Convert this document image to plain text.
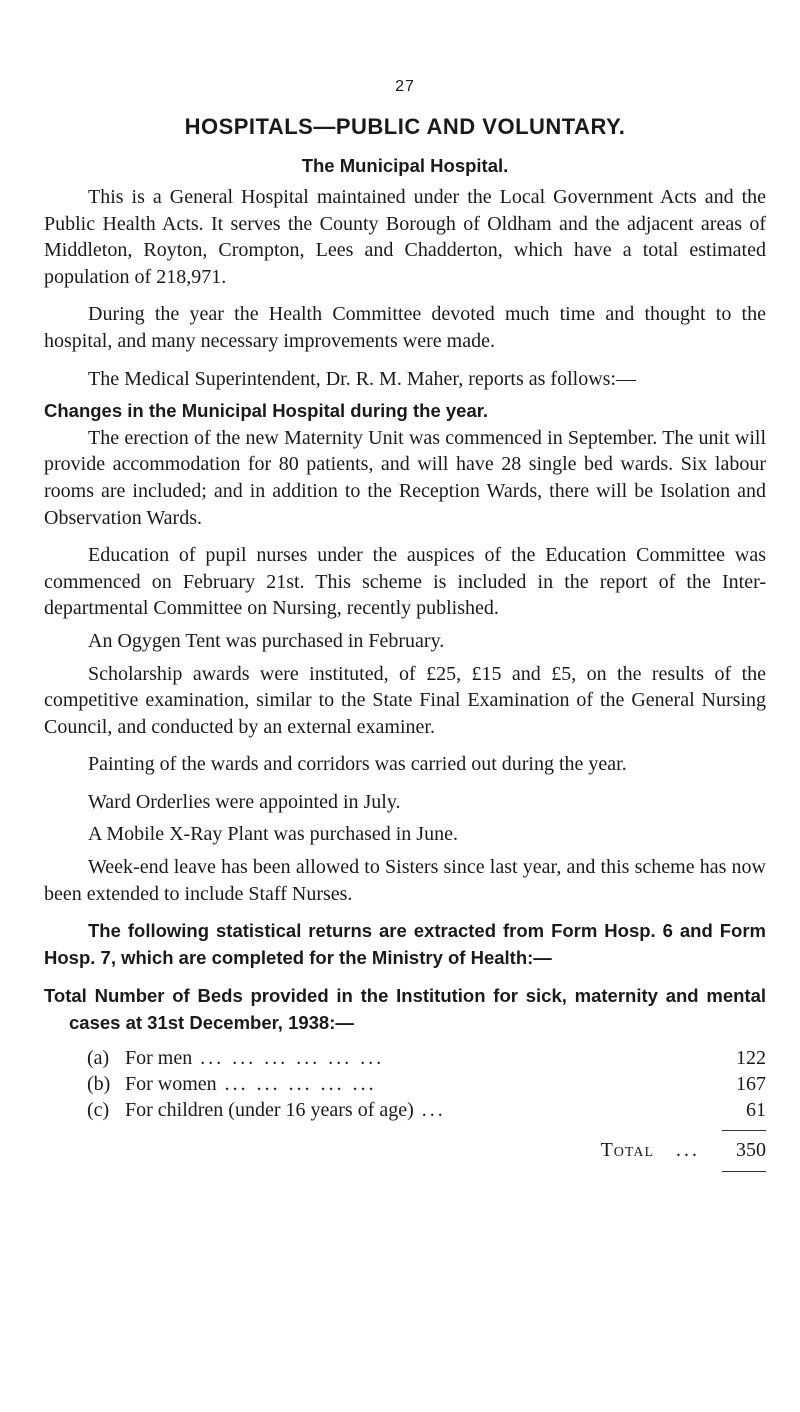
27
HOSPITALS—PUBLIC AND VOLUNTARY.
The Municipal Hospital.

This is a General Hospital maintained under the Local Government Acts and the Public Health Acts. It serves the County Borough of Oldham and the adjacent areas of Middleton, Royton, Crompton, Lees and Chadderton, which have a total estimated population of 218,971.

During the year the Health Committee devoted much time and thought to the hospital, and many necessary improvements were made.

The Medical Superintendent, Dr. R. M. Maher, reports as follows:—

Changes in the Municipal Hospital during the year.

The erection of the new Maternity Unit was commenced in September. The unit will provide accommodation for 80 patients, and will have 28 single bed wards. Six labour rooms are included; and in addition to the Reception Wards, there will be Isolation and Observation Wards.

Education of pupil nurses under the auspices of the Education Committee was commenced on February 21st. This scheme is included in the report of the Inter-departmental Committee on Nursing, recently published.

An Ogygen Tent was purchased in February.

Scholarship awards were instituted, of £25, £15 and £5, on the results of the competitive examination, similar to the State Final Examination of the General Nursing Council, and conducted by an external examiner.

Painting of the wards and corridors was carried out during the year.

Ward Orderlies were appointed in July.

A Mobile X-Ray Plant was purchased in June.

Week-end leave has been allowed to Sisters since last year, and this scheme has now been extended to include Staff Nurses.

The following statistical returns are extracted from Form Hosp. 6 and Form Hosp. 7, which are completed for the Ministry of Health:—
Total Number of Beds provided in the Institution for sick, maternity and mental cases at 31st December, 1938:—
(a) For men ... ... ... ... ... ...	122
(b) For women ... ... ... ... ...	167
(c) For children (under 16 years of age) ...	61
Total ...	350
